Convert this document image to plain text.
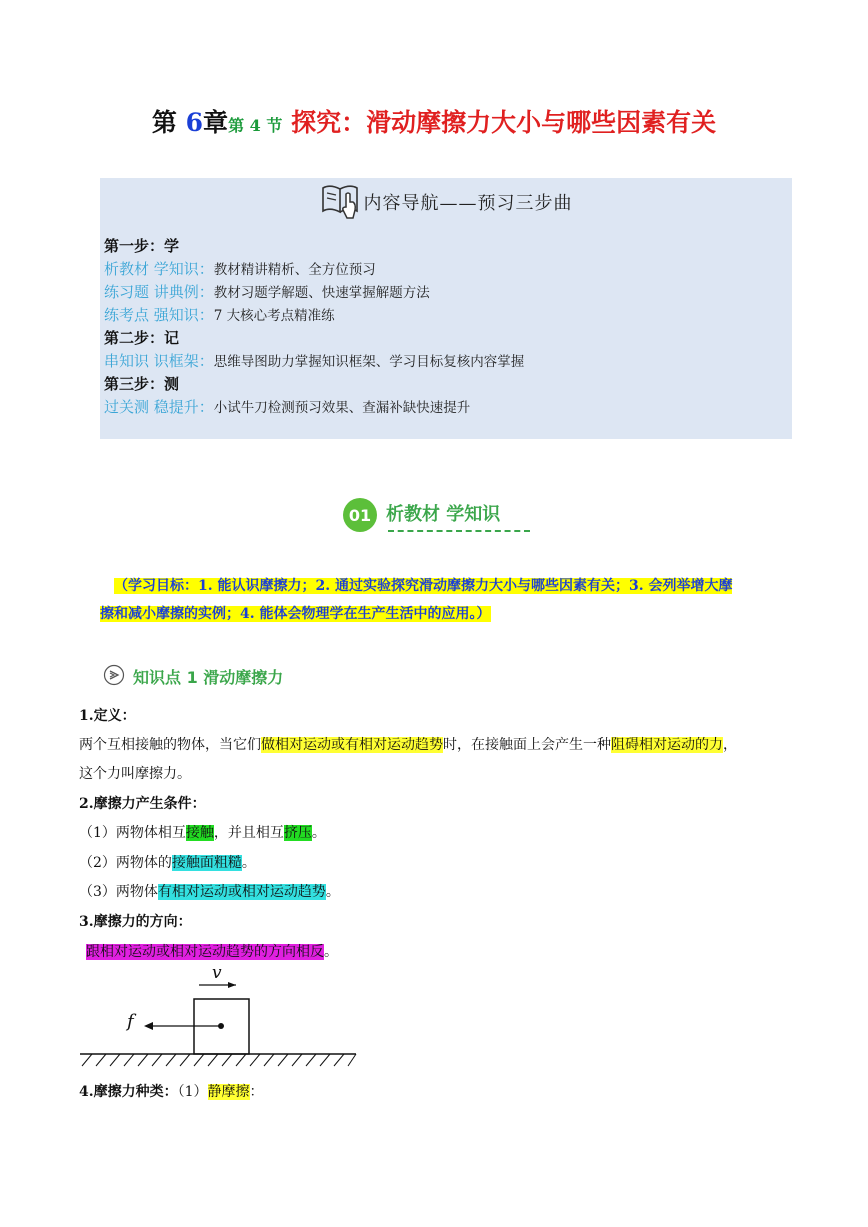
第 6章第 4 节 探究：滑动摩擦力大小与哪些因素有关
内容导航——预习三步曲
第一步：学
析教材 学知识：教材精讲精析、全方位预习
练习题 讲典例：教材习题学解题、快速掌握解题方法
练考点 强知识：7 大核心考点精准练
第二步：记
串知识 识框架：思维导图助力掌握知识框架、学习目标复核内容掌握
第三步：测
过关测 稳提升：小试牛刀检测预习效果、查漏补缺快速提升
01 析教材 学知识
（学习目标：1. 能认识摩擦力；2. 通过实验探究滑动摩擦力大小与哪些因素有关；3. 会列举增大摩
擦和减小摩擦的实例；4. 能体会物理学在生产生活中的应用。）
知识点 1 滑动摩擦力
1.定义：
两个互相接触的物体，当它们做相对运动或有相对运动趋势时，在接触面上会产生一种阻碍相对运动的力，
这个力叫摩擦力。
2.摩擦力产生条件：
（1）两物体相互接触，并且相互挤压。
（2）两物体的接触面粗糙。
（3）两物体有相对运动或相对运动趋势。
3.摩擦力的方向：
跟相对运动或相对运动趋势的方向相反。
v
f
4.摩擦力种类：（1）静摩擦：
